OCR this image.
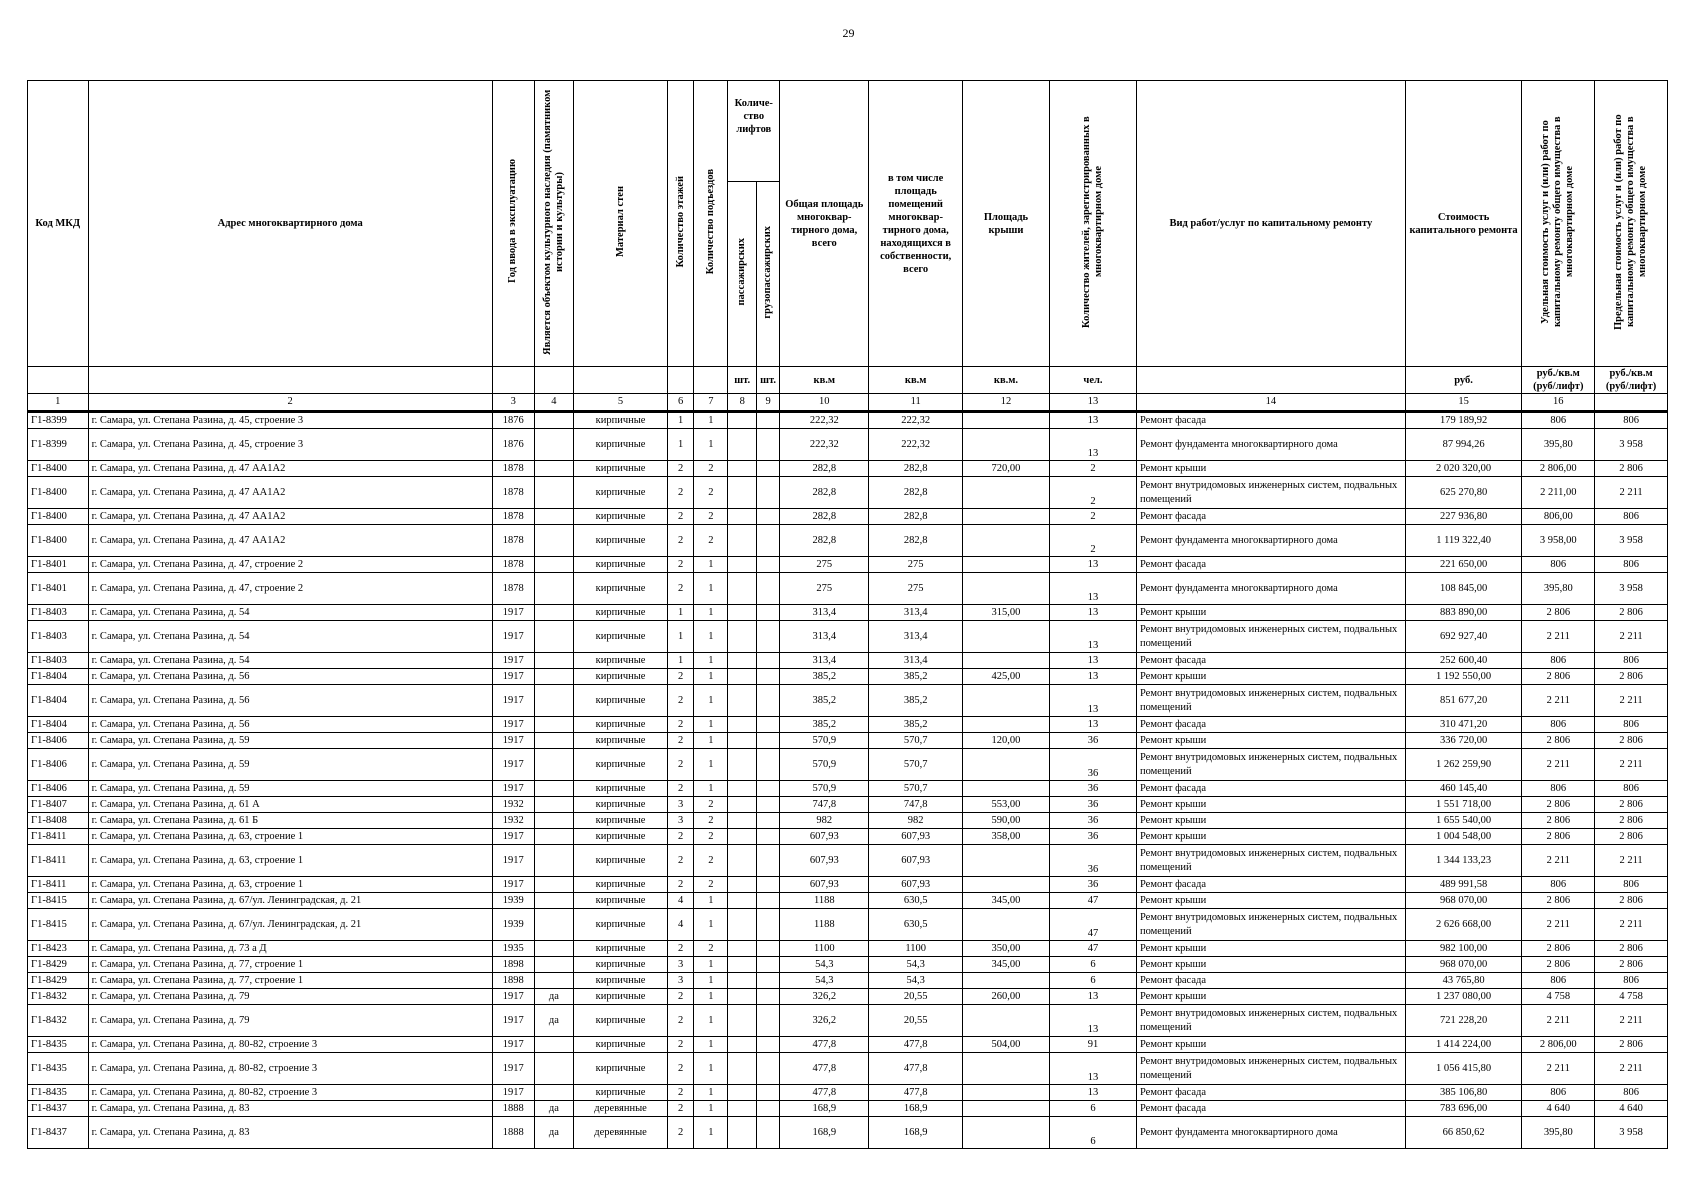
29
Код МКД	Адрес многоквартирного дома	Год ввода в эксплуатацию	Является объектом культурного наследия (памятником истории и культуры)	Материал стен	Количество этажей	Количество подъездов	Количе-ство лифтов		Общая площадь многоквар-тирного дома, всего	в том числе площадь помещений многоквар-тирного дома, находящихся в собственности, всего	Площадь крыши	Количество жителей, зарегистрированных в многоквартирном доме	Вид работ/услуг по капитальному ремонту	Стоимость капитального ремонта	Удельная стоимость услуг и (или) работ по капитальному ремонту общего имущества в многоквартирном доме	Предельная стоимость услуг и (или) работ по капитальному ремонту общего имущества в многоквартирном доме
							пассажирских	грузопассажирских								
							шт.	шт.	кв.м	кв.м	кв.м.	чел.		руб.	руб./кв.м (руб/лифт)	руб./кв.м (руб/лифт)
1	2	3	4	5	6	7	8	9	10	11	12	13	14	15	16	
Г1-8399	г. Самара, ул. Степана Разина, д. 45, строение 3	1876		кирпичные	1	1			222,32	222,32		13	Ремонт фасада	179 189,92	806	806
Г1-8399	г. Самара, ул. Степана Разина, д. 45, строение 3	1876		кирпичные	1	1			222,32	222,32		13	Ремонт фундамента многоквартирного дома	87 994,26	395,80	3 958
Г1-8400	г. Самара, ул. Степана Разина, д. 47 АА1А2	1878		кирпичные	2	2			282,8	282,8	720,00	2	Ремонт крыши	2 020 320,00	2 806,00	2 806
Г1-8400	г. Самара, ул. Степана Разина, д. 47 АА1А2	1878		кирпичные	2	2			282,8	282,8		2	Ремонт внутридомовых инженерных систем, подвальных помещений	625 270,80	2 211,00	2 211
Г1-8400	г. Самара, ул. Степана Разина, д. 47 АА1А2	1878		кирпичные	2	2			282,8	282,8		2	Ремонт фасада	227 936,80	806,00	806
Г1-8400	г. Самара, ул. Степана Разина, д. 47 АА1А2	1878		кирпичные	2	2			282,8	282,8		2	Ремонт фундамента многоквартирного дома	1 119 322,40	3 958,00	3 958
Г1-8401	г. Самара, ул. Степана Разина, д. 47, строение 2	1878		кирпичные	2	1			275	275		13	Ремонт фасада	221 650,00	806	806
Г1-8401	г. Самара, ул. Степана Разина, д. 47, строение 2	1878		кирпичные	2	1			275	275		13	Ремонт фундамента многоквартирного дома	108 845,00	395,80	3 958
Г1-8403	г. Самара, ул. Степана Разина, д. 54	1917		кирпичные	1	1			313,4	313,4	315,00	13	Ремонт крыши	883 890,00	2 806	2 806
Г1-8403	г. Самара, ул. Степана Разина, д. 54	1917		кирпичные	1	1			313,4	313,4		13	Ремонт внутридомовых инженерных систем, подвальных помещений	692 927,40	2 211	2 211
Г1-8403	г. Самара, ул. Степана Разина, д. 54	1917		кирпичные	1	1			313,4	313,4		13	Ремонт фасада	252 600,40	806	806
Г1-8404	г. Самара, ул. Степана Разина, д. 56	1917		кирпичные	2	1			385,2	385,2	425,00	13	Ремонт крыши	1 192 550,00	2 806	2 806
Г1-8404	г. Самара, ул. Степана Разина, д. 56	1917		кирпичные	2	1			385,2	385,2		13	Ремонт внутридомовых инженерных систем, подвальных помещений	851 677,20	2 211	2 211
Г1-8404	г. Самара, ул. Степана Разина, д. 56	1917		кирпичные	2	1			385,2	385,2		13	Ремонт фасада	310 471,20	806	806
Г1-8406	г. Самара, ул. Степана Разина, д. 59	1917		кирпичные	2	1			570,9	570,7	120,00	36	Ремонт крыши	336 720,00	2 806	2 806
Г1-8406	г. Самара, ул. Степана Разина, д. 59	1917		кирпичные	2	1			570,9	570,7		36	Ремонт внутридомовых инженерных систем, подвальных помещений	1 262 259,90	2 211	2 211
Г1-8406	г. Самара, ул. Степана Разина, д. 59	1917		кирпичные	2	1			570,9	570,7		36	Ремонт фасада	460 145,40	806	806
Г1-8407	г. Самара, ул. Степана Разина, д. 61 А	1932		кирпичные	3	2			747,8	747,8	553,00	36	Ремонт крыши	1 551 718,00	2 806	2 806
Г1-8408	г. Самара, ул. Степана Разина, д. 61 Б	1932		кирпичные	3	2			982	982	590,00	36	Ремонт крыши	1 655 540,00	2 806	2 806
Г1-8411	г. Самара, ул. Степана Разина, д. 63, строение 1	1917		кирпичные	2	2			607,93	607,93	358,00	36	Ремонт крыши	1 004 548,00	2 806	2 806
Г1-8411	г. Самара, ул. Степана Разина, д. 63, строение 1	1917		кирпичные	2	2			607,93	607,93		36	Ремонт внутридомовых инженерных систем, подвальных помещений	1 344 133,23	2 211	2 211
Г1-8411	г. Самара, ул. Степана Разина, д. 63, строение 1	1917		кирпичные	2	2			607,93	607,93		36	Ремонт фасада	489 991,58	806	806
Г1-8415	г. Самара, ул. Степана Разина, д. 67/ул. Ленинградская, д. 21	1939		кирпичные	4	1			1188	630,5	345,00	47	Ремонт крыши	968 070,00	2 806	2 806
Г1-8415	г. Самара, ул. Степана Разина, д. 67/ул. Ленинградская, д. 21	1939		кирпичные	4	1			1188	630,5		47	Ремонт внутридомовых инженерных систем, подвальных помещений	2 626 668,00	2 211	2 211
Г1-8423	г. Самара, ул. Степана Разина, д. 73 а Д	1935		кирпичные	2	2			1100	1100	350,00	47	Ремонт крыши	982 100,00	2 806	2 806
Г1-8429	г. Самара, ул. Степана Разина, д. 77, строение 1	1898		кирпичные	3	1			54,3	54,3	345,00	6	Ремонт крыши	968 070,00	2 806	2 806
Г1-8429	г. Самара, ул. Степана Разина, д. 77, строение 1	1898		кирпичные	3	1			54,3	54,3		6	Ремонт фасада	43 765,80	806	806
Г1-8432	г. Самара, ул. Степана Разина, д. 79	1917	да	кирпичные	2	1			326,2	20,55	260,00	13	Ремонт крыши	1 237 080,00	4 758	4 758
Г1-8432	г. Самара, ул. Степана Разина, д. 79	1917	да	кирпичные	2	1			326,2	20,55		13	Ремонт внутридомовых инженерных систем, подвальных помещений	721 228,20	2 211	2 211
Г1-8435	г. Самара, ул. Степана Разина, д. 80-82, строение 3	1917		кирпичные	2	1			477,8	477,8	504,00	91	Ремонт крыши	1 414 224,00	2 806,00	2 806
Г1-8435	г. Самара, ул. Степана Разина, д. 80-82, строение 3	1917		кирпичные	2	1			477,8	477,8		13	Ремонт внутридомовых инженерных систем, подвальных помещений	1 056 415,80	2 211	2 211
Г1-8435	г. Самара, ул. Степана Разина, д. 80-82, строение 3	1917		кирпичные	2	1			477,8	477,8		13	Ремонт фасада	385 106,80	806	806
Г1-8437	г. Самара, ул. Степана Разина, д. 83	1888	да	деревянные	2	1			168,9	168,9		6	Ремонт фасада	783 696,00	4 640	4 640
Г1-8437	г. Самара, ул. Степана Разина, д. 83	1888	да	деревянные	2	1			168,9	168,9		6	Ремонт фундамента многоквартирного дома	66 850,62	395,80	3 958
